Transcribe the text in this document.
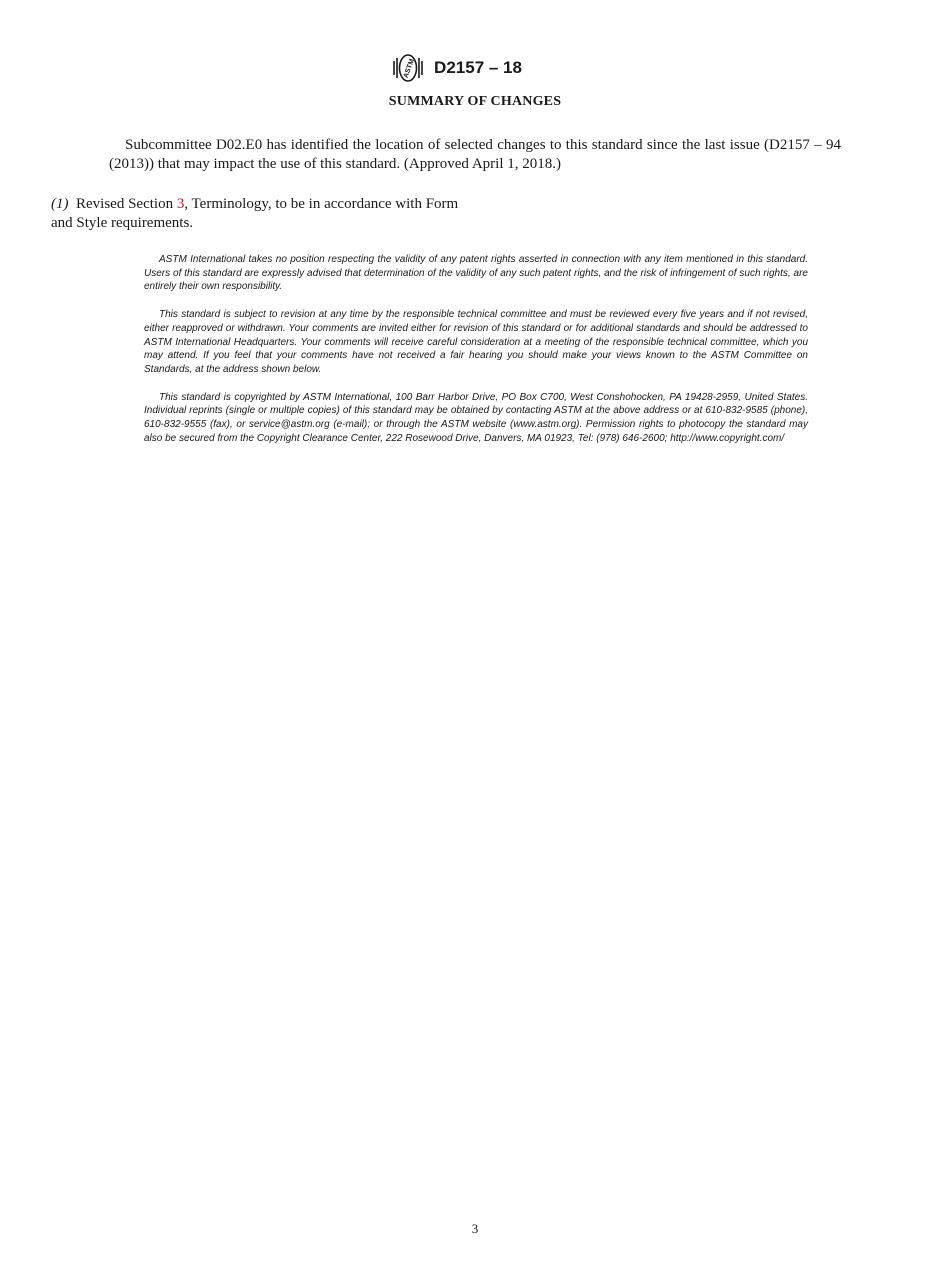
ASTM D2157 – 18
SUMMARY OF CHANGES

Subcommittee D02.E0 has identified the location of selected changes to this standard since the last issue (D2157 – 94 (2013)) that may impact the use of this standard. (Approved April 1, 2018.)

(1) Revised Section 3, Terminology, to be in accordance with Form and Style requirements.

ASTM International takes no position respecting the validity of any patent rights asserted in connection with any item mentioned in this standard. Users of this standard are expressly advised that determination of the validity of any such patent rights, and the risk of infringement of such rights, are entirely their own responsibility.

This standard is subject to revision at any time by the responsible technical committee and must be reviewed every five years and if not revised, either reapproved or withdrawn. Your comments are invited either for revision of this standard or for additional standards and should be addressed to ASTM International Headquarters. Your comments will receive careful consideration at a meeting of the responsible technical committee, which you may attend. If you feel that your comments have not received a fair hearing you should make your views known to the ASTM Committee on Standards, at the address shown below.

This standard is copyrighted by ASTM International, 100 Barr Harbor Drive, PO Box C700, West Conshohocken, PA 19428-2959, United States. Individual reprints (single or multiple copies) of this standard may be obtained by contacting ASTM at the above address or at 610-832-9585 (phone), 610-832-9555 (fax), or service@astm.org (e-mail); or through the ASTM website (www.astm.org). Permission rights to photocopy the standard may also be secured from the Copyright Clearance Center, 222 Rosewood Drive, Danvers, MA 01923, Tel: (978) 646-2600; http://www.copyright.com/

3
